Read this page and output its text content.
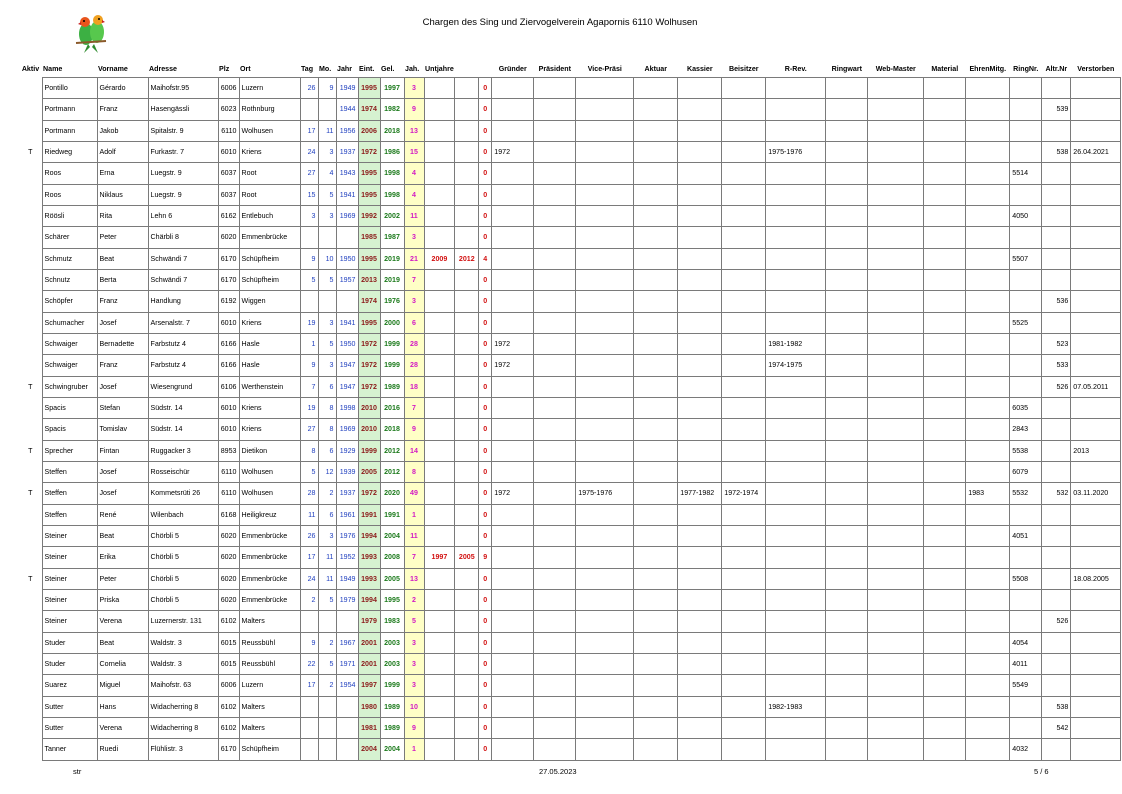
Chargen des Sing und Ziervogelverein Agapornis 6110 Wolhusen
Aktiv	Name	Vorname	Adresse	Plz	Ort	Tag	Mo.	Jahr	Eint.	Gel.	Jah.	Untjahre			Gründer	Präsident	Vice-Präsi	Aktuar	Kassier	Beisitzer	R-Rev.	Ringwart	Web-Master	Material	EhrenMitg.	RingNr.	Altr.Nr	Verstorben
	Pontillo	Gérardo	Maihofstr.95	6006	Luzern	26	9	1949	1995	1997	3			0														
	Portmann	Franz	Hasengässli	6023	Rothnburg			1944	1974	1982	9			0													539	
	Portmann	Jakob	Spitalstr. 9	6110	Wolhusen	17	11	1956	2006	2018	13			0														
T	Riedweg	Adolf	Furkastr. 7	6010	Kriens	24	3	1937	1972	1986	15			0	1972						1975-1976						538	26.04.2021
	Roos	Erna	Luegstr. 9	6037	Root	27	4	1943	1995	1998	4			0												5514		
	Roos	Niklaus	Luegstr. 9	6037	Root	15	5	1941	1995	1998	4			0														
	Röösli	Rita	Lehn 6	6162	Entlebuch	3	3	1969	1992	2002	11			0												4050		
	Schärer	Peter	Chärbli 8	6020	Emmenbrücke				1985	1987	3			0														
	Schmutz	Beat	Schwändi 7	6170	Schüpfheim	9	10	1950	1995	2019	21	2009	2012	4												5507		
	Schnutz	Berta	Schwändi 7	6170	Schüpfheim	5	5	1957	2013	2019	7			0														
	Schöpfer	Franz	Handlung	6192	Wiggen				1974	1976	3			0													536	
	Schumacher	Josef	Arsenalstr. 7	6010	Kriens	19	3	1941	1995	2000	6			0												5525		
	Schwaiger	Bernadette	Farbstutz 4	6166	Hasle	1	5	1950	1972	1999	28			0	1972						1981-1982						523	
	Schwaiger	Franz	Farbstutz 4	6166	Hasle	9	3	1947	1972	1999	28			0	1972						1974-1975						533	
T	Schwingruber	Josef	Wiesengrund	6106	Werthenstein	7	6	1947	1972	1989	18			0													526	07.05.2011
	Spacis	Stefan	Südstr. 14	6010	Kriens	19	8	1998	2010	2016	7			0												6035		
	Spacis	Tomislav	Südstr. 14	6010	Kriens	27	8	1969	2010	2018	9			0												2843		
T	Sprecher	Fintan	Ruggacker 3	8953	Dietikon	8	6	1929	1999	2012	14			0												5538		2013
	Steffen	Josef	Rosseischür	6110	Wolhusen	5	12	1939	2005	2012	8			0												6079		
T	Steffen	Josef	Kommetsrüti 26	6110	Wolhusen	28	2	1937	1972	2020	49			0	1972		1975-1976		1977-1982	1972-1974					1983	5532	532	03.11.2020
	Steffen	René	Wilenbach	6168	Heiligkreuz	11	6	1961	1991	1991	1			0														
	Steiner	Beat	Chörbli 5	6020	Emmenbrücke	26	3	1976	1994	2004	11			0												4051		
	Steiner	Erika	Chörbli 5	6020	Emmenbrücke	17	11	1952	1993	2008	7	1997	2005	9														
T	Steiner	Peter	Chörbli 5	6020	Emmenbrücke	24	11	1949	1993	2005	13			0												5508		18.08.2005
	Steiner	Priska	Chörbli 5	6020	Emmenbrücke	2	5	1979	1994	1995	2			0														
	Steiner	Verena	Luzernerstr. 131	6102	Malters				1979	1983	5			0													526	
	Studer	Beat	Waldstr. 3	6015	Reussbühl	9	2	1967	2001	2003	3			0												4054		
	Studer	Cornelia	Waldstr. 3	6015	Reussbühl	22	5	1971	2001	2003	3			0												4011		
	Suarez	Miguel	Maihofstr. 63	6006	Luzern	17	2	1954	1997	1999	3			0												5549		
	Sutter	Hans	Widacherring 8	6102	Malters				1980	1989	10			0							1982-1983						538	
	Sutter	Verena	Widacherring 8	6102	Malters				1981	1989	9			0													542	
	Tanner	Ruedi	Flühlistr. 3	6170	Schüpfheim				2004	2004	1			0												4032		
str	27.05.2023	5 / 6
